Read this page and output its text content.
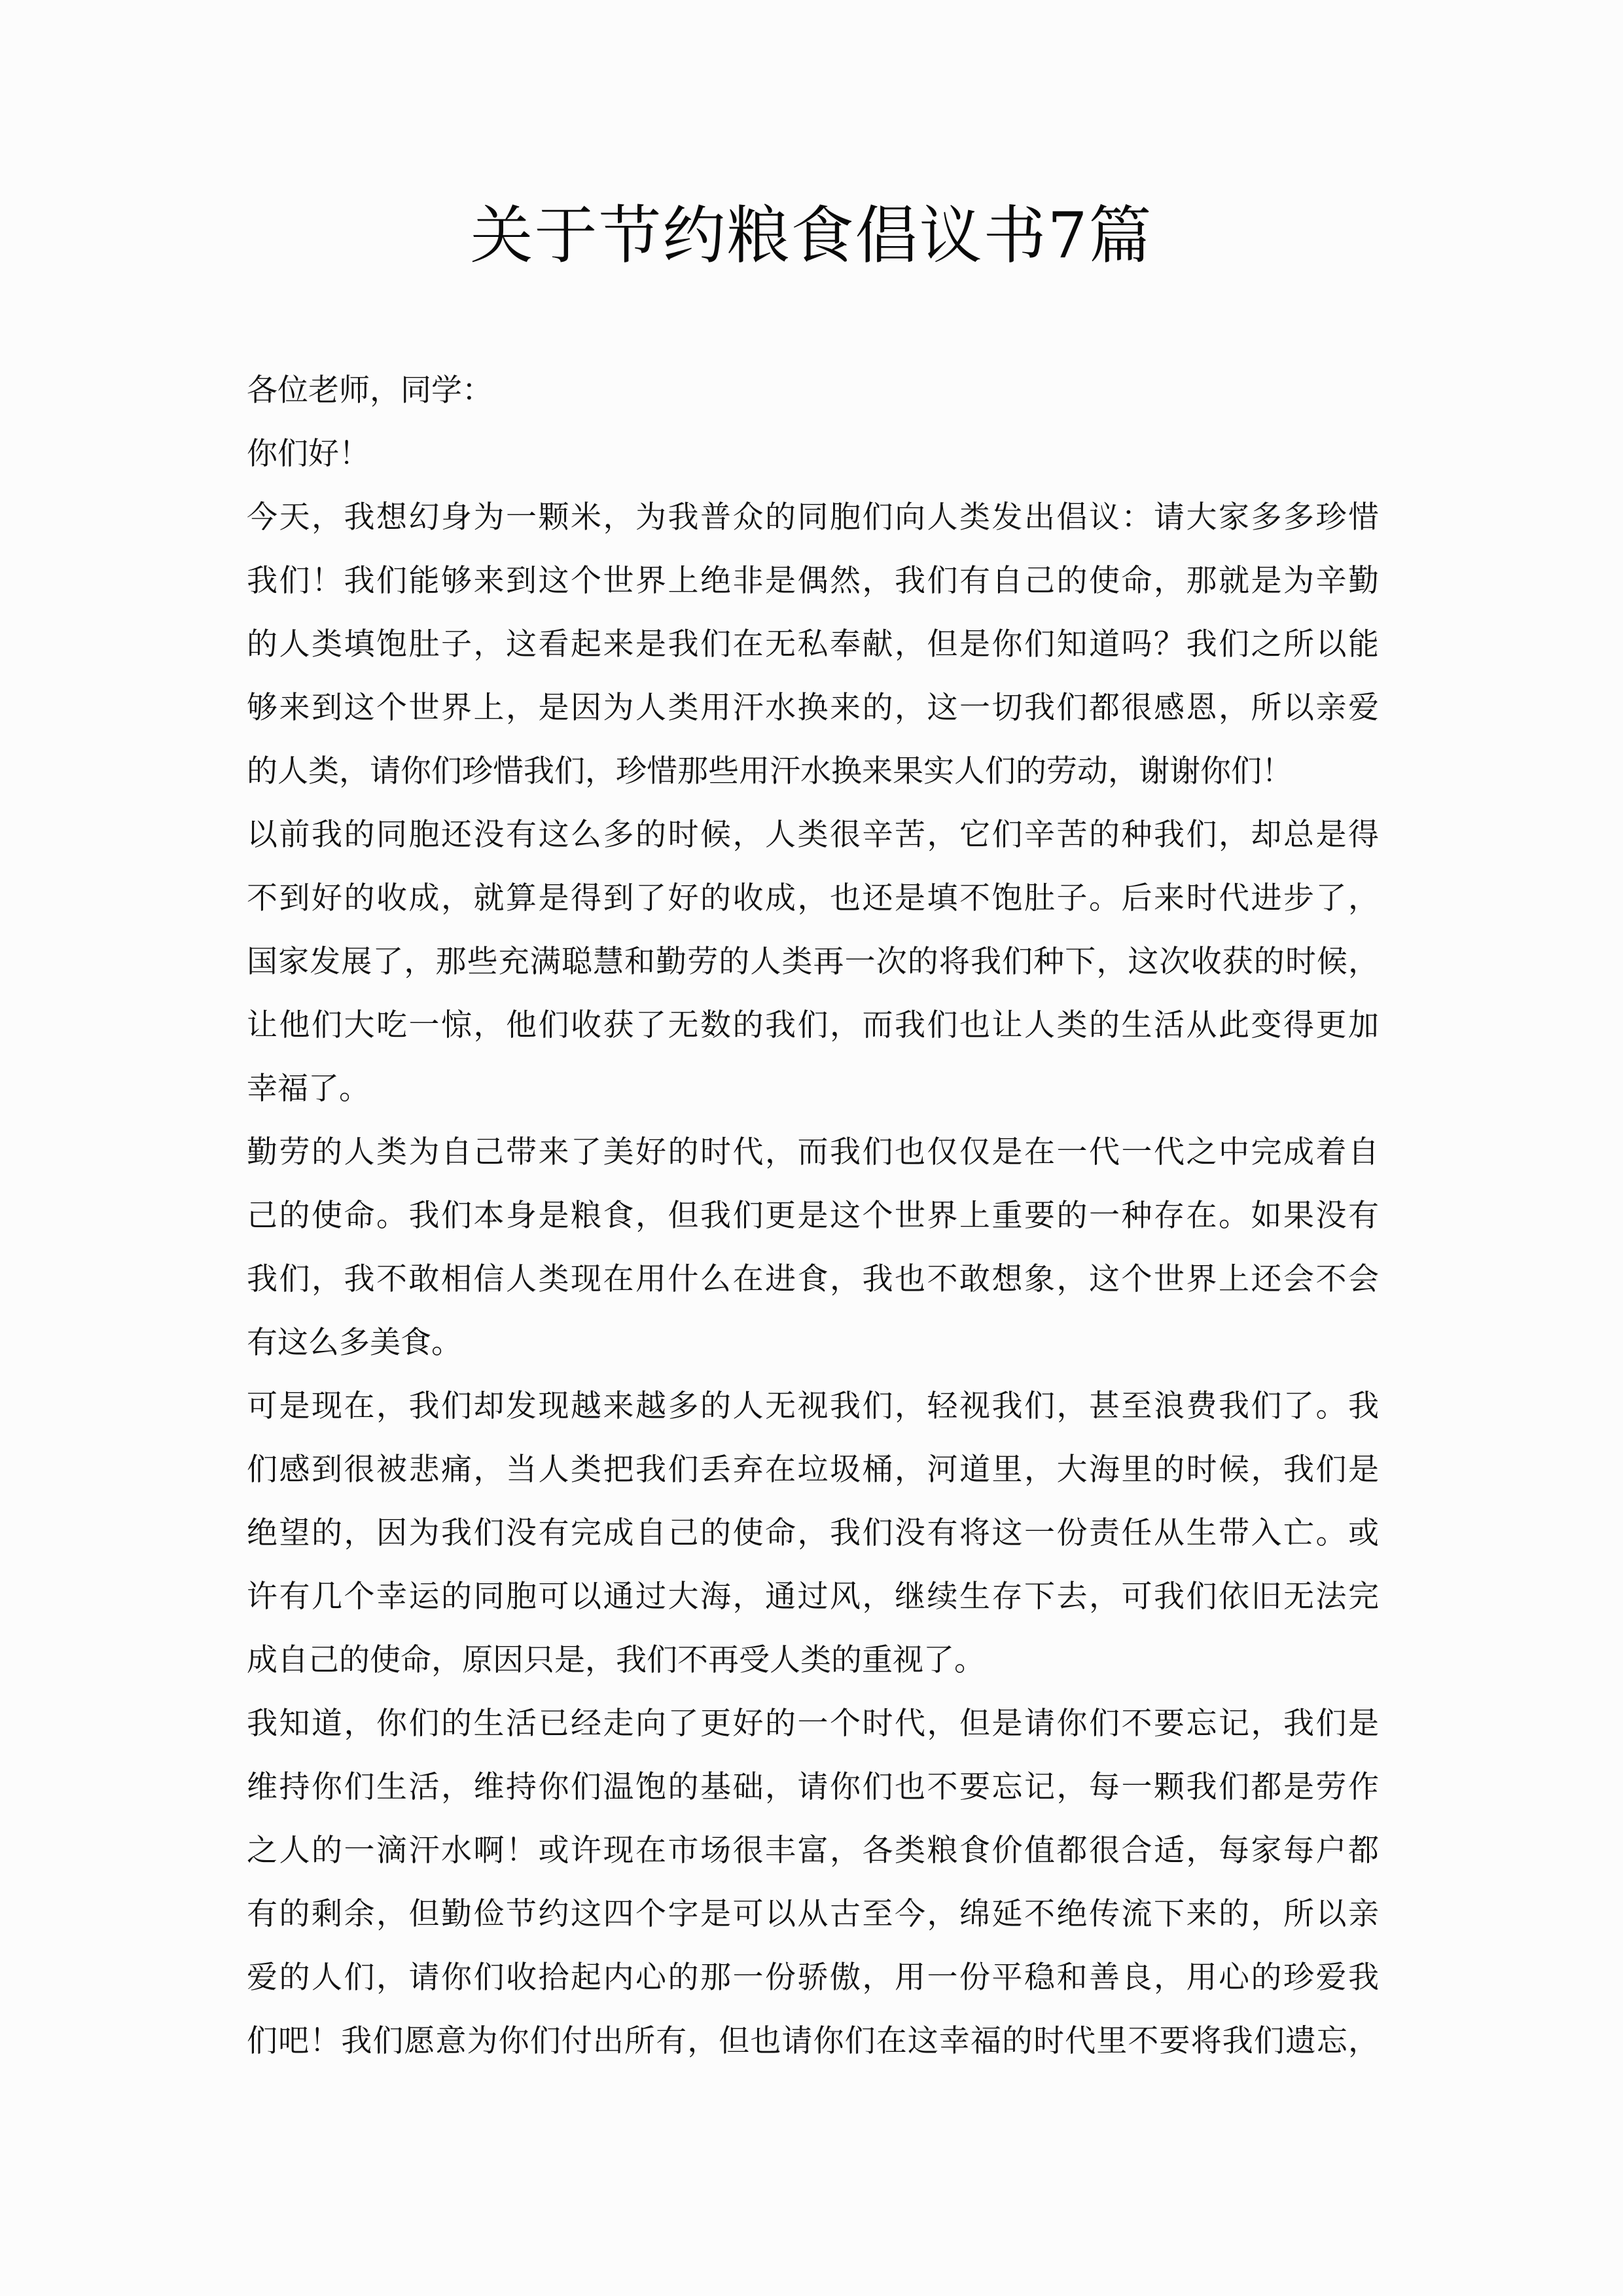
关于节约粮食倡议书7篇
各位老师，同学：
你们好！
今天，我想幻身为一颗米，为我普众的同胞们向人类发出倡议：请大家多多珍惜
我们！我们能够来到这个世界上绝非是偶然，我们有自己的使命，那就是为辛勤
的人类填饱肚子，这看起来是我们在无私奉献，但是你们知道吗？我们之所以能
够来到这个世界上，是因为人类用汗水换来的，这一切我们都很感恩，所以亲爱
的人类，请你们珍惜我们，珍惜那些用汗水换来果实人们的劳动，谢谢你们！
以前我的同胞还没有这么多的时候，人类很辛苦，它们辛苦的种我们，却总是得
不到好的收成，就算是得到了好的收成，也还是填不饱肚子。后来时代进步了，
国家发展了，那些充满聪慧和勤劳的人类再一次的将我们种下，这次收获的时候，
让他们大吃一惊，他们收获了无数的我们，而我们也让人类的生活从此变得更加
幸福了。
勤劳的人类为自己带来了美好的时代，而我们也仅仅是在一代一代之中完成着自
己的使命。我们本身是粮食，但我们更是这个世界上重要的一种存在。如果没有
我们，我不敢相信人类现在用什么在进食，我也不敢想象，这个世界上还会不会
有这么多美食。
可是现在，我们却发现越来越多的人无视我们，轻视我们，甚至浪费我们了。我
们感到很被悲痛，当人类把我们丢弃在垃圾桶，河道里，大海里的时候，我们是
绝望的，因为我们没有完成自己的使命，我们没有将这一份责任从生带入亡。或
许有几个幸运的同胞可以通过大海，通过风，继续生存下去，可我们依旧无法完
成自己的使命，原因只是，我们不再受人类的重视了。
我知道，你们的生活已经走向了更好的一个时代，但是请你们不要忘记，我们是
维持你们生活，维持你们温饱的基础，请你们也不要忘记，每一颗我们都是劳作
之人的一滴汗水啊！或许现在市场很丰富，各类粮食价值都很合适，每家每户都
有的剩余，但勤俭节约这四个字是可以从古至今，绵延不绝传流下来的，所以亲
爱的人们，请你们收拾起内心的那一份骄傲，用一份平稳和善良，用心的珍爱我
们吧！我们愿意为你们付出所有，但也请你们在这幸福的时代里不要将我们遗忘，
